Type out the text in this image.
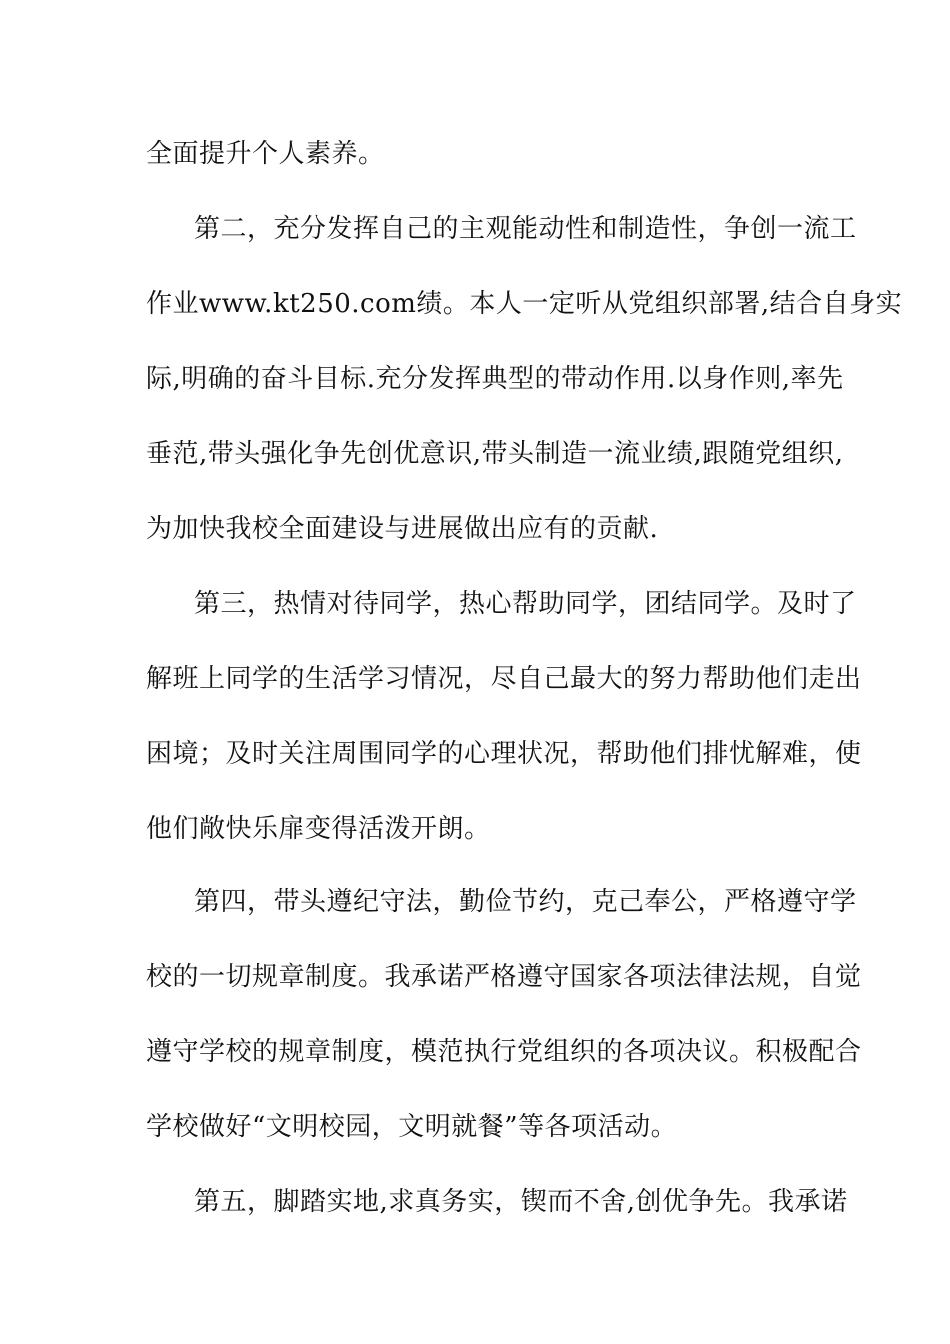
全面提升个人素养。

第二，充分发挥自己的主观能动性和制造性，争创一流工

作业www.kt250.com绩。本人一定听从党组织部署,结合自身实

际,明确的奋斗目标.充分发挥典型的带动作用.以身作则,率先

垂范,带头强化争先创优意识,带头制造一流业绩,跟随党组织,

为加快我校全面建设与进展做出应有的贡献.

第三，热情对待同学，热心帮助同学，团结同学。及时了

解班上同学的生活学习情况，尽自己最大的努力帮助他们走出

困境；及时关注周围同学的心理状况，帮助他们排忧解难，使

他们敞快乐扉变得活泼开朗。

第四，带头遵纪守法，勤俭节约，克己奉公，严格遵守学

校的一切规章制度。我承诺严格遵守国家各项法律法规，自觉

遵守学校的规章制度，模范执行党组织的各项决议。积极配合

学校做好“文明校园，文明就餐”等各项活动。

第五，脚踏实地,求真务实，锲而不舍,创优争先。我承诺
